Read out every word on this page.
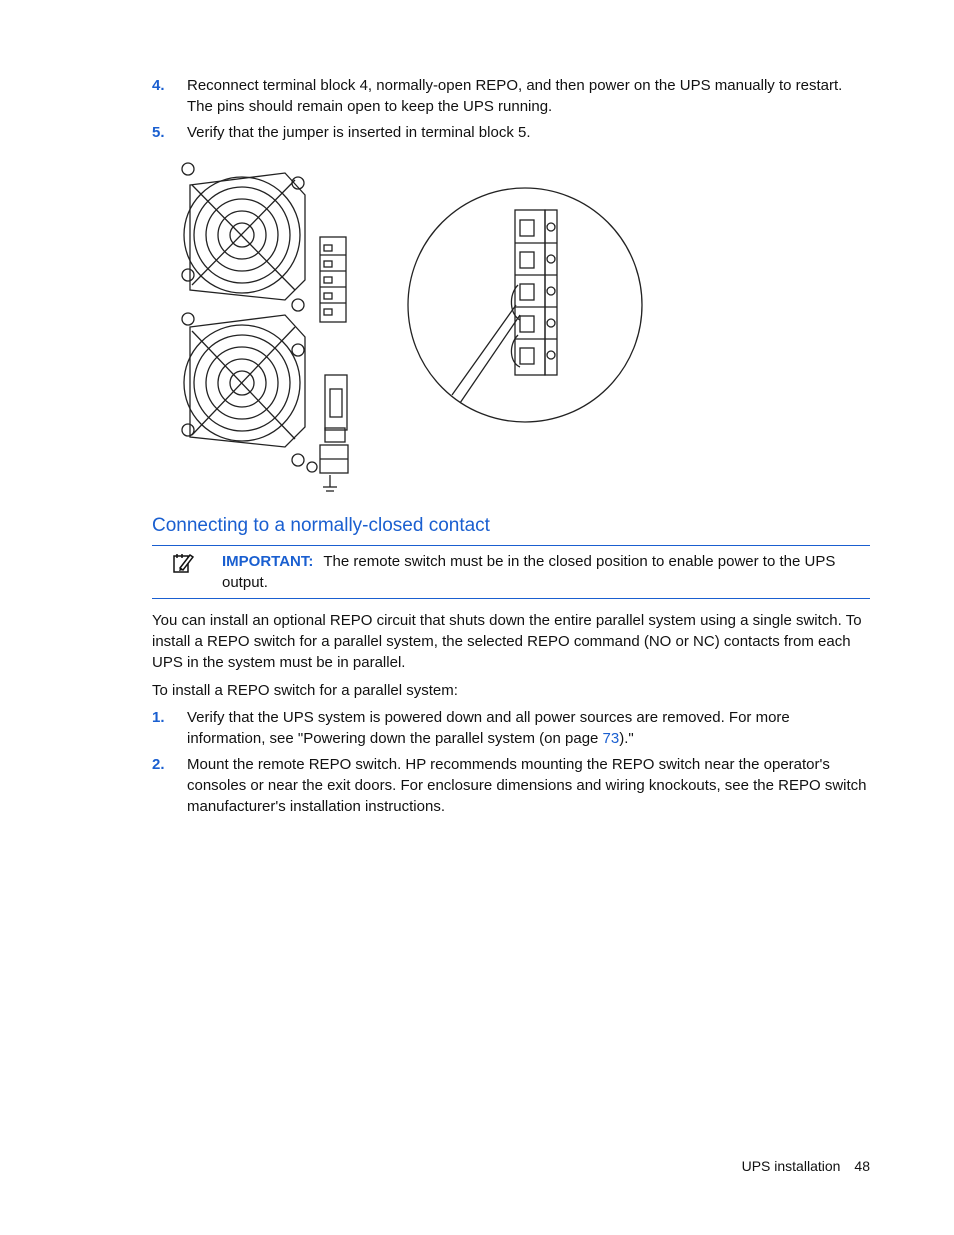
4. Reconnect terminal block 4, normally-open REPO, and then power on the UPS manually to restart. The pins should remain open to keep the UPS running.
5. Verify that the jumper is inserted in terminal block 5.
Connecting to a normally-closed contact
IMPORTANT: The remote switch must be in the closed position to enable power to the UPS output.
You can install an optional REPO circuit that shuts down the entire parallel system using a single switch. To install a REPO switch for a parallel system, the selected REPO command (NO or NC) contacts from each UPS in the system must be in parallel.
To install a REPO switch for a parallel system:
1. Verify that the UPS system is powered down and all power sources are removed. For more information, see "Powering down the parallel system (on page 73)."
2. Mount the remote REPO switch. HP recommends mounting the REPO switch near the operator's consoles or near the exit doors. For enclosure dimensions and wiring knockouts, see the REPO switch manufacturer's installation instructions.
UPS installation 48
